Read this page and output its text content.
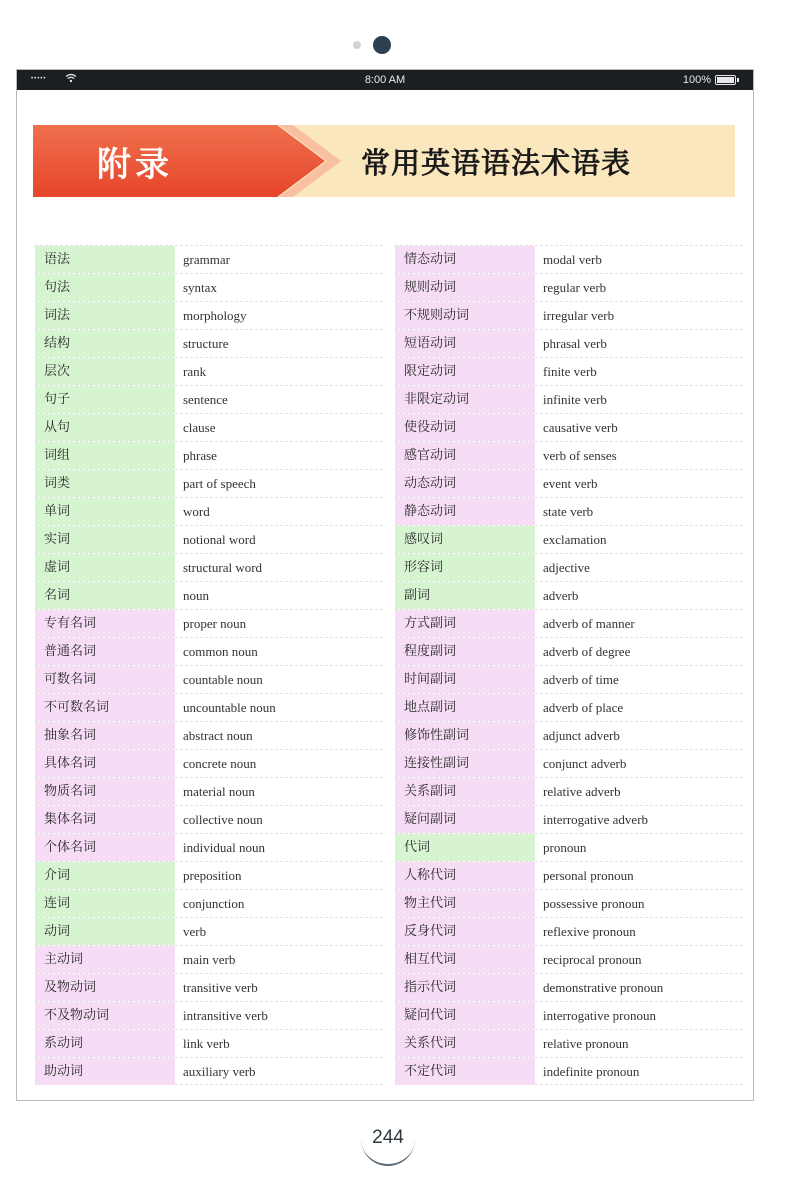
•••••	8:00 AM	100%
附录	常用英语语法术语表
语法	grammar
句法	syntax
词法	morphology
结构	structure
层次	rank
句子	sentence
从句	clause
词组	phrase
词类	part of speech
单词	word
实词	notional word
虚词	structural word
名词	noun
专有名词	proper noun
普通名词	common noun
可数名词	countable noun
不可数名词	uncountable noun
抽象名词	abstract noun
具体名词	concrete noun
物质名词	material noun
集体名词	collective noun
个体名词	individual noun
介词	preposition
连词	conjunction
动词	verb
主动词	main verb
及物动词	transitive verb
不及物动词	intransitive verb
系动词	link verb
助动词	auxiliary verb
情态动词	modal verb
规则动词	regular verb
不规则动词	irregular verb
短语动词	phrasal verb
限定动词	finite verb
非限定动词	infinite verb
使役动词	causative verb
感官动词	verb of senses
动态动词	event verb
静态动词	state verb
感叹词	exclamation
形容词	adjective
副词	adverb
方式副词	adverb of manner
程度副词	adverb of degree
时间副词	adverb of time
地点副词	adverb of place
修饰性副词	adjunct adverb
连接性副词	conjunct adverb
关系副词	relative adverb
疑问副词	interrogative adverb
代词	pronoun
人称代词	personal pronoun
物主代词	possessive pronoun
反身代词	reflexive pronoun
相互代词	reciprocal pronoun
指示代词	demonstrative pronoun
疑问代词	interrogative pronoun
关系代词	relative pronoun
不定代词	indefinite pronoun
244
